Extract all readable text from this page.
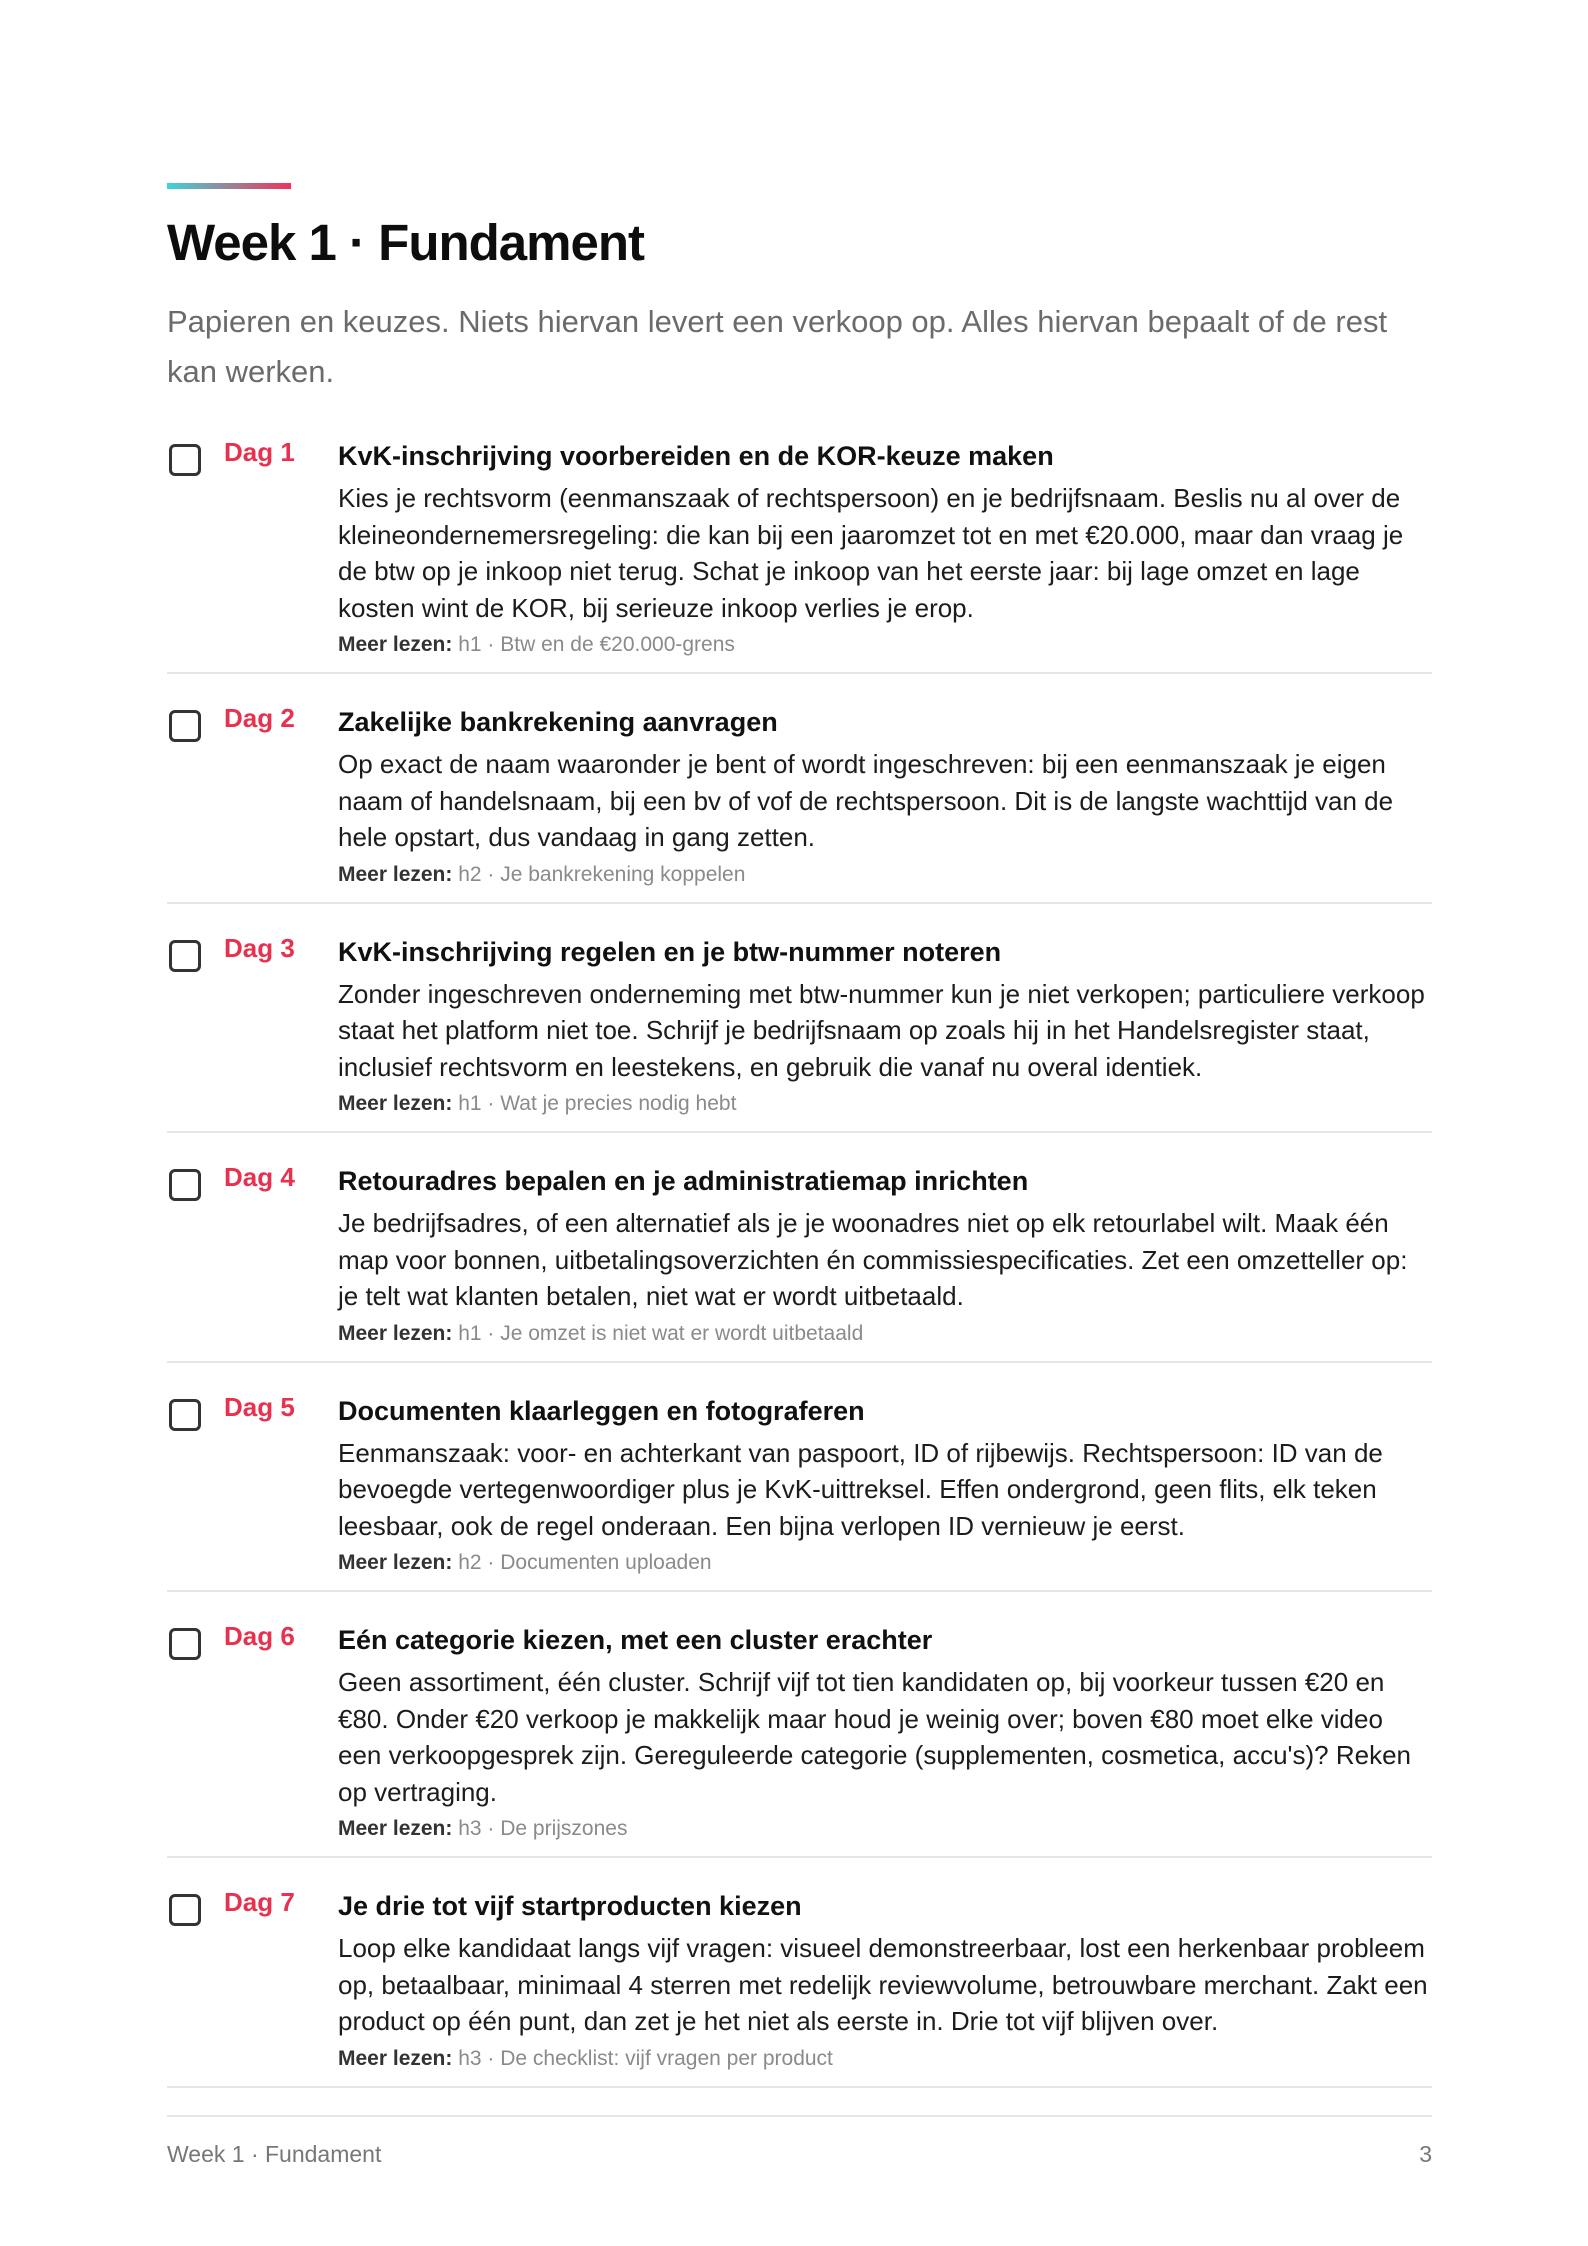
Week 1 · Fundament

Papieren en keuzes. Niets hiervan levert een verkoop op. Alles hiervan bepaalt of de rest kan werken.

Dag 1 KvK-inschrijving voorbereiden en de KOR-keuze maken

Kies je rechtsvorm (eenmanszaak of rechtspersoon) en je bedrijfsnaam. Beslis nu al over de kleineondernemersregeling: die kan bij een jaaromzet tot en met €20.000, maar dan vraag je de btw op je inkoop niet terug. Schat je inkoop van het eerste jaar: bij lage omzet en lage kosten wint de KOR, bij serieuze inkoop verlies je erop.

Meer lezen: h1 · Btw en de €20.000-grens
Dag 2 Zakelijke bankrekening aanvragen

Op exact de naam waaronder je bent of wordt ingeschreven: bij een eenmanszaak je eigen naam of handelsnaam, bij een bv of vof de rechtspersoon. Dit is de langste wachttijd van de hele opstart, dus vandaag in gang zetten.

Meer lezen: h2 · Je bankrekening koppelen
Dag 3 KvK-inschrijving regelen en je btw-nummer noteren

Zonder ingeschreven onderneming met btw-nummer kun je niet verkopen; particuliere verkoop staat het platform niet toe. Schrijf je bedrijfsnaam op zoals hij in het Handelsregister staat, inclusief rechtsvorm en leestekens, en gebruik die vanaf nu overal identiek.

Meer lezen: h1 · Wat je precies nodig hebt
Dag 4 Retouradres bepalen en je administratiemap inrichten

Je bedrijfsadres, of een alternatief als je je woonadres niet op elk retourlabel wilt. Maak één map voor bonnen, uitbetalingsoverzichten én commissiespecificaties. Zet een omzetteller op: je telt wat klanten betalen, niet wat er wordt uitbetaald.

Meer lezen: h1 · Je omzet is niet wat er wordt uitbetaald
Dag 5 Documenten klaarleggen en fotograferen

Eenmanszaak: voor- en achterkant van paspoort, ID of rijbewijs. Rechtspersoon: ID van de bevoegde vertegenwoordiger plus je KvK-uittreksel. Effen ondergrond, geen flits, elk teken leesbaar, ook de regel onderaan. Een bijna verlopen ID vernieuw je eerst.

Meer lezen: h2 · Documenten uploaden
Dag 6 Eén categorie kiezen, met een cluster erachter

Geen assortiment, één cluster. Schrijf vijf tot tien kandidaten op, bij voorkeur tussen €20 en €80. Onder €20 verkoop je makkelijk maar houd je weinig over; boven €80 moet elke video een verkoopgesprek zijn. Gereguleerde categorie (supplementen, cosmetica, accu's)? Reken op vertraging.

Meer lezen: h3 · De prijszones
Dag 7 Je drie tot vijf startproducten kiezen

Loop elke kandidaat langs vijf vragen: visueel demonstreerbaar, lost een herkenbaar probleem op, betaalbaar, minimaal 4 sterren met redelijk reviewvolume, betrouwbare merchant. Zakt een product op één punt, dan zet je het niet als eerste in. Drie tot vijf blijven over.

Meer lezen: h3 · De checklist: vijf vragen per product
Week 1 · Fundament	3
